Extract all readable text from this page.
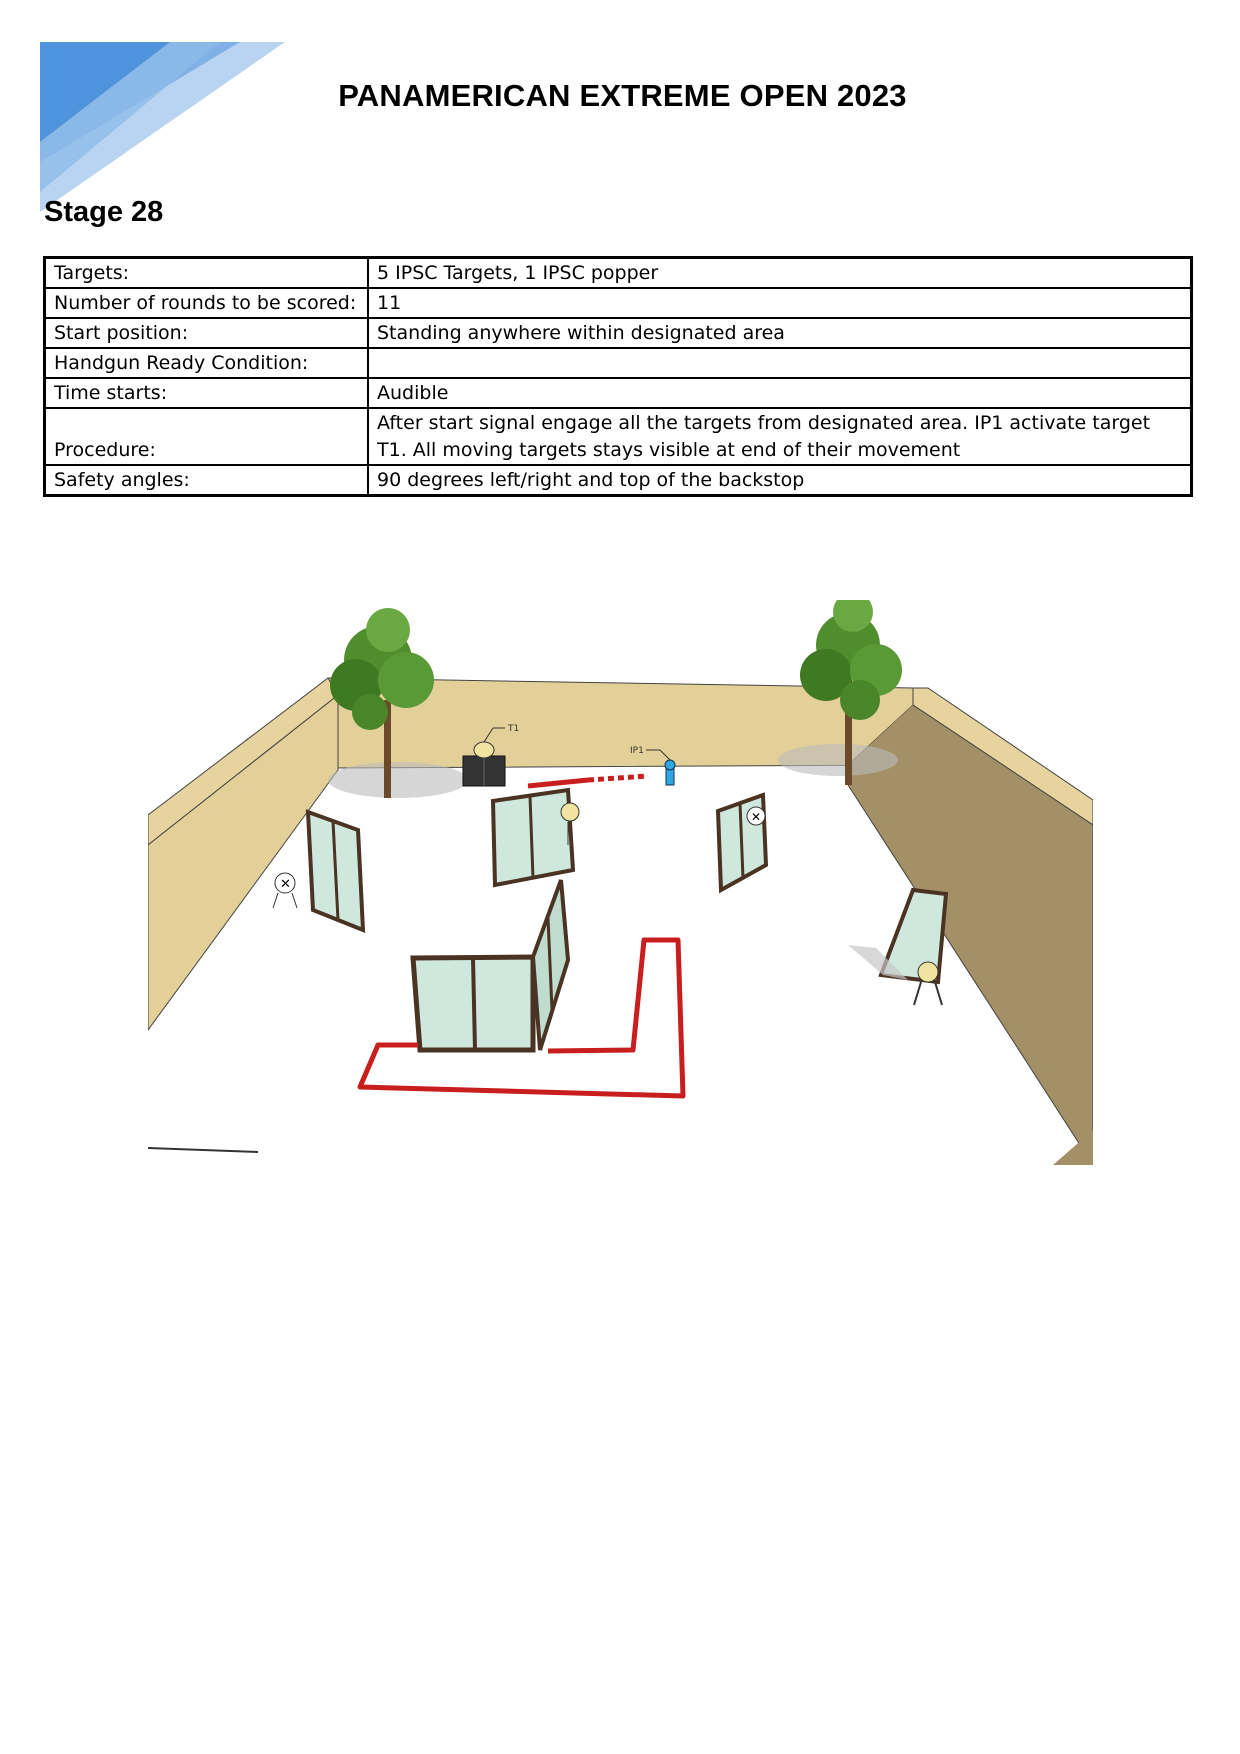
PANAMERICAN EXTREME OPEN 2023
Stage 28
Targets:	5 IPSC Targets, 1 IPSC popper
Number of rounds to be scored:	11
Start position:	Standing anywhere within designated area
Handgun Ready Condition:	
Time starts:	Audible
Procedure:	After start signal engage all the targets from designated area. IP1 activate target T1. All moving targets stays visible at end of their movement
Safety angles:	90 degrees left/right and top of the backstop
T1
IP1
✕
✕
